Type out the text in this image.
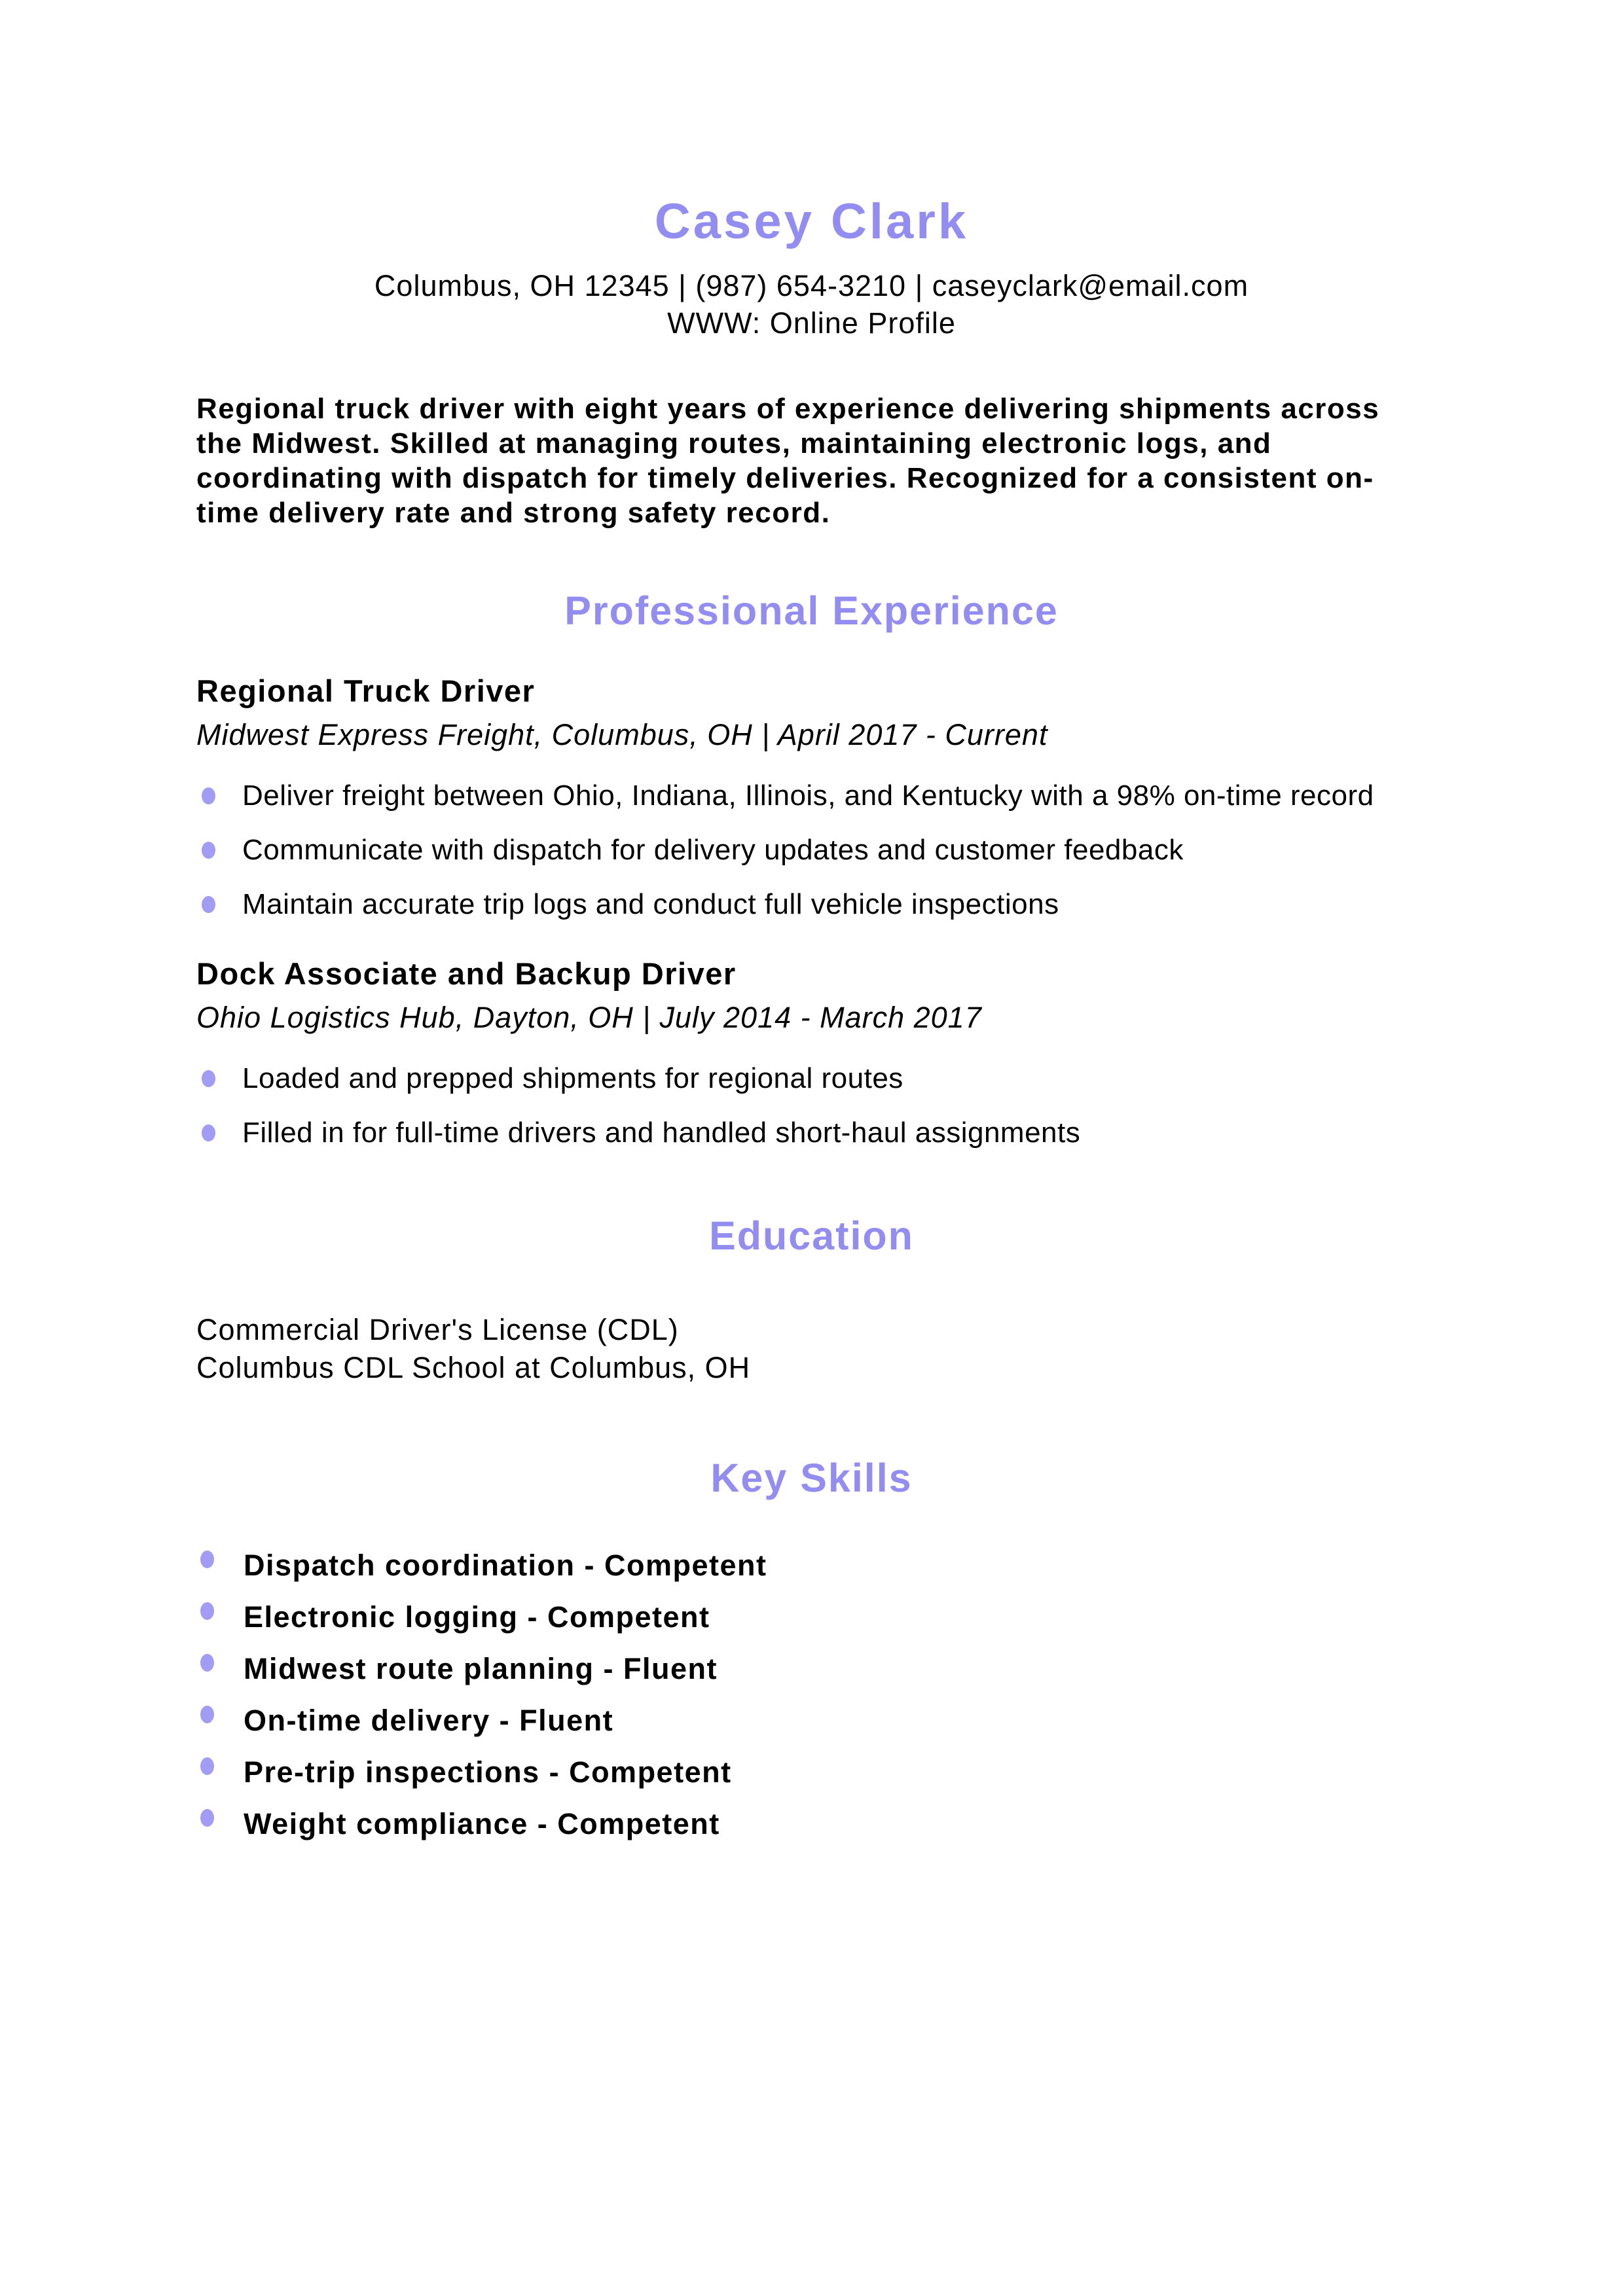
Casey Clark
Columbus, OH 12345 | (987) 654-3210 | caseyclark@email.com
WWW: Online Profile
Regional truck driver with eight years of experience delivering shipments across the Midwest. Skilled at managing routes, maintaining electronic logs, and coordinating with dispatch for timely deliveries. Recognized for a consistent on-time delivery rate and strong safety record.
Professional Experience
Regional Truck Driver
Midwest Express Freight, Columbus, OH | April 2017 - Current
Deliver freight between Ohio, Indiana, Illinois, and Kentucky with a 98% on-time record
Communicate with dispatch for delivery updates and customer feedback
Maintain accurate trip logs and conduct full vehicle inspections
Dock Associate and Backup Driver
Ohio Logistics Hub, Dayton, OH | July 2014 - March 2017
Loaded and prepped shipments for regional routes
Filled in for full-time drivers and handled short-haul assignments
Education
Commercial Driver's License (CDL)
Columbus CDL School at Columbus, OH
Key Skills
Dispatch coordination - Competent
Electronic logging - Competent
Midwest route planning - Fluent
On-time delivery - Fluent
Pre-trip inspections - Competent
Weight compliance - Competent
